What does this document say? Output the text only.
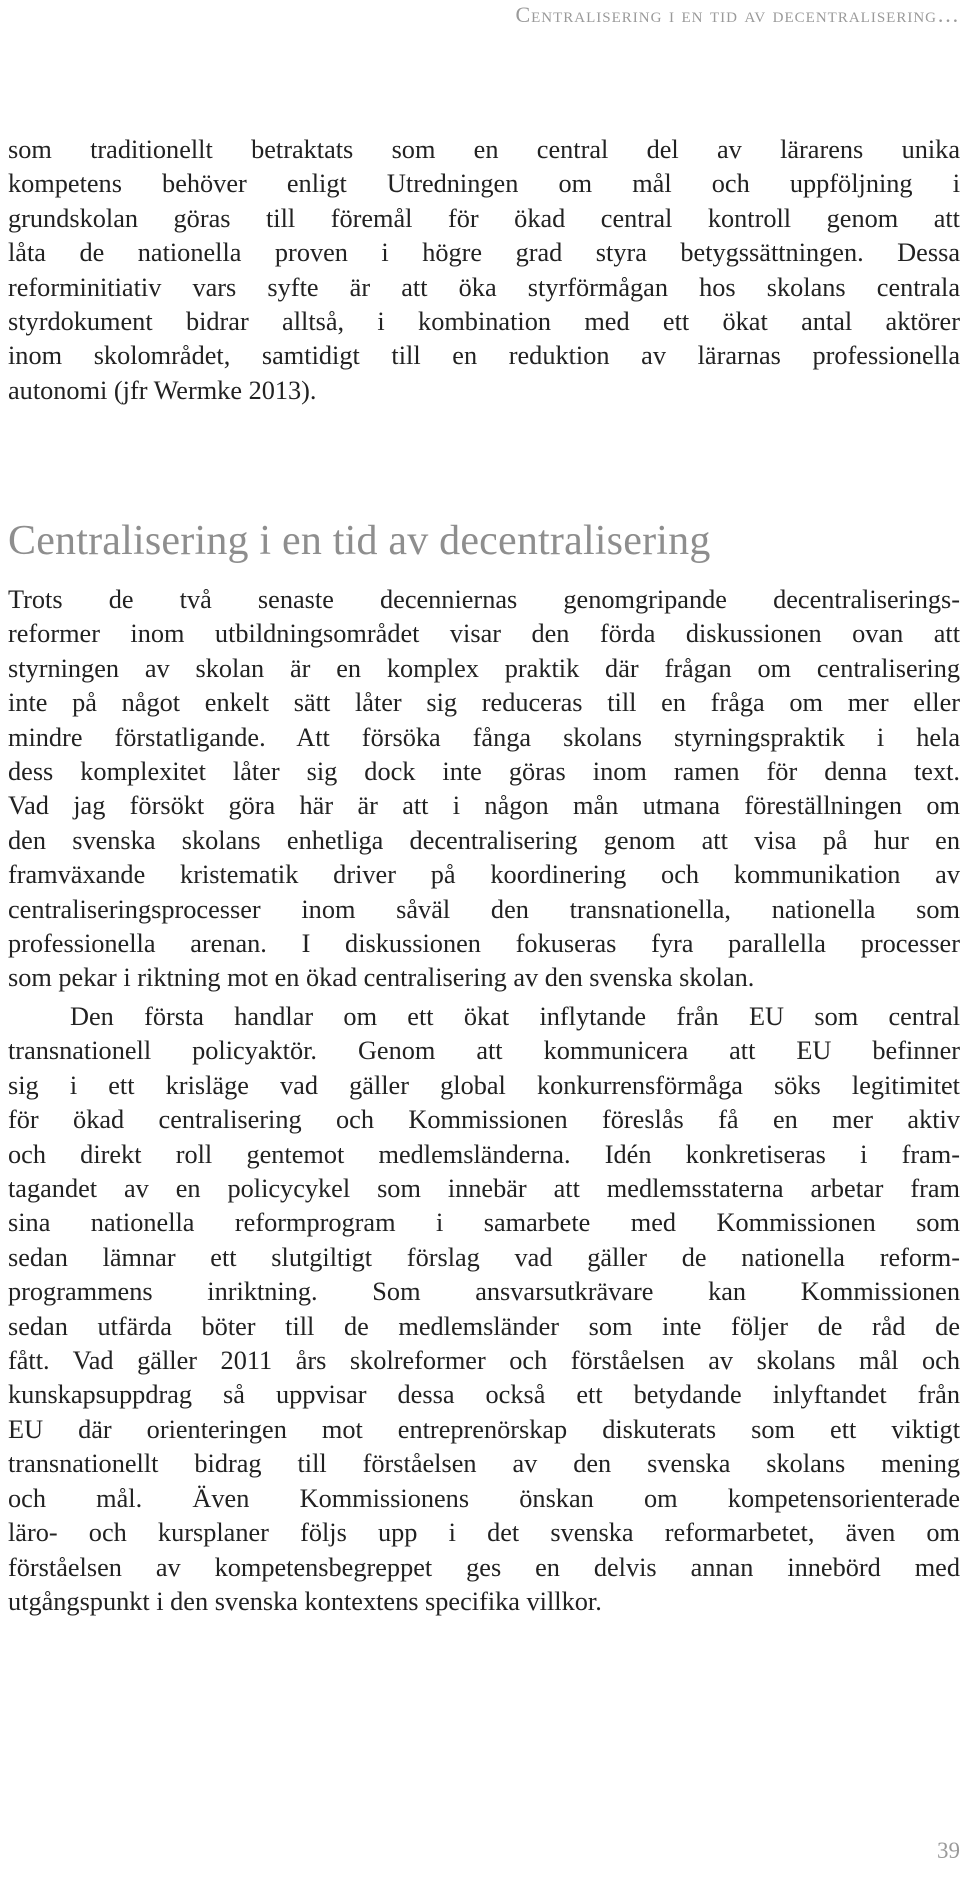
Centralisering i en tid av decentralisering…
som traditionellt betraktats som en central del av lärarens unika
kompetens behöver enligt Utredningen om mål och uppföljning i
grundskolan göras till föremål för ökad central kontroll genom att
låta de nationella proven i högre grad styra betygssättningen. Dessa
reforminitiativ vars syfte är att öka styrförmågan hos skolans centrala
styrdokument bidrar alltså, i kombination med ett ökat antal aktörer
inom skolområdet, samtidigt till en reduktion av lärarnas professionella
autonomi (jfr Wermke 2013).
Centralisering i en tid av decentralisering
Trots de två senaste decenniernas genomgripande decentraliserings-
reformer inom utbildningsområdet visar den förda diskussionen ovan att
styrningen av skolan är en komplex praktik där frågan om centralisering
inte på något enkelt sätt låter sig reduceras till en fråga om mer eller
mindre förstatligande. Att försöka fånga skolans styrningspraktik i hela
dess komplexitet låter sig dock inte göras inom ramen för denna text.
Vad jag försökt göra här är att i någon mån utmana föreställningen om
den svenska skolans enhetliga decentralisering genom att visa på hur en
framväxande kristematik driver på koordinering och kommunikation av
centraliseringsprocesser inom såväl den transnationella, nationella som
professionella arenan. I diskussionen fokuseras fyra parallella processer
som pekar i riktning mot en ökad centralisering av den svenska skolan.
Den första handlar om ett ökat inflytande från EU som central
transnationell policyaktör. Genom att kommunicera att EU befinner
sig i ett krisläge vad gäller global konkurrensförmåga söks legitimitet
för ökad centralisering och Kommissionen föreslås få en mer aktiv
och direkt roll gentemot medlemsländerna. Idén konkretiseras i fram-
tagandet av en policycykel som innebär att medlemsstaterna arbetar fram
sina nationella reformprogram i samarbete med Kommissionen som
sedan lämnar ett slutgiltigt förslag vad gäller de nationella reform-
programmens inriktning. Som ansvarsutkrävare kan Kommissionen
sedan utfärda böter till de medlemsländer som inte följer de råd de
fått. Vad gäller 2011 års skolreformer och förståelsen av skolans mål och
kunskapsuppdrag så uppvisar dessa också ett betydande inlyftandet från
EU där orienteringen mot entreprenörskap diskuterats som ett viktigt
transnationellt bidrag till förståelsen av den svenska skolans mening
och mål. Även Kommissionens önskan om kompetensorienterade
läro- och kursplaner följs upp i det svenska reformarbetet, även om
förståelsen av kompetensbegreppet ges en delvis annan innebörd med
utgångspunkt i den svenska kontextens specifika villkor.
39
